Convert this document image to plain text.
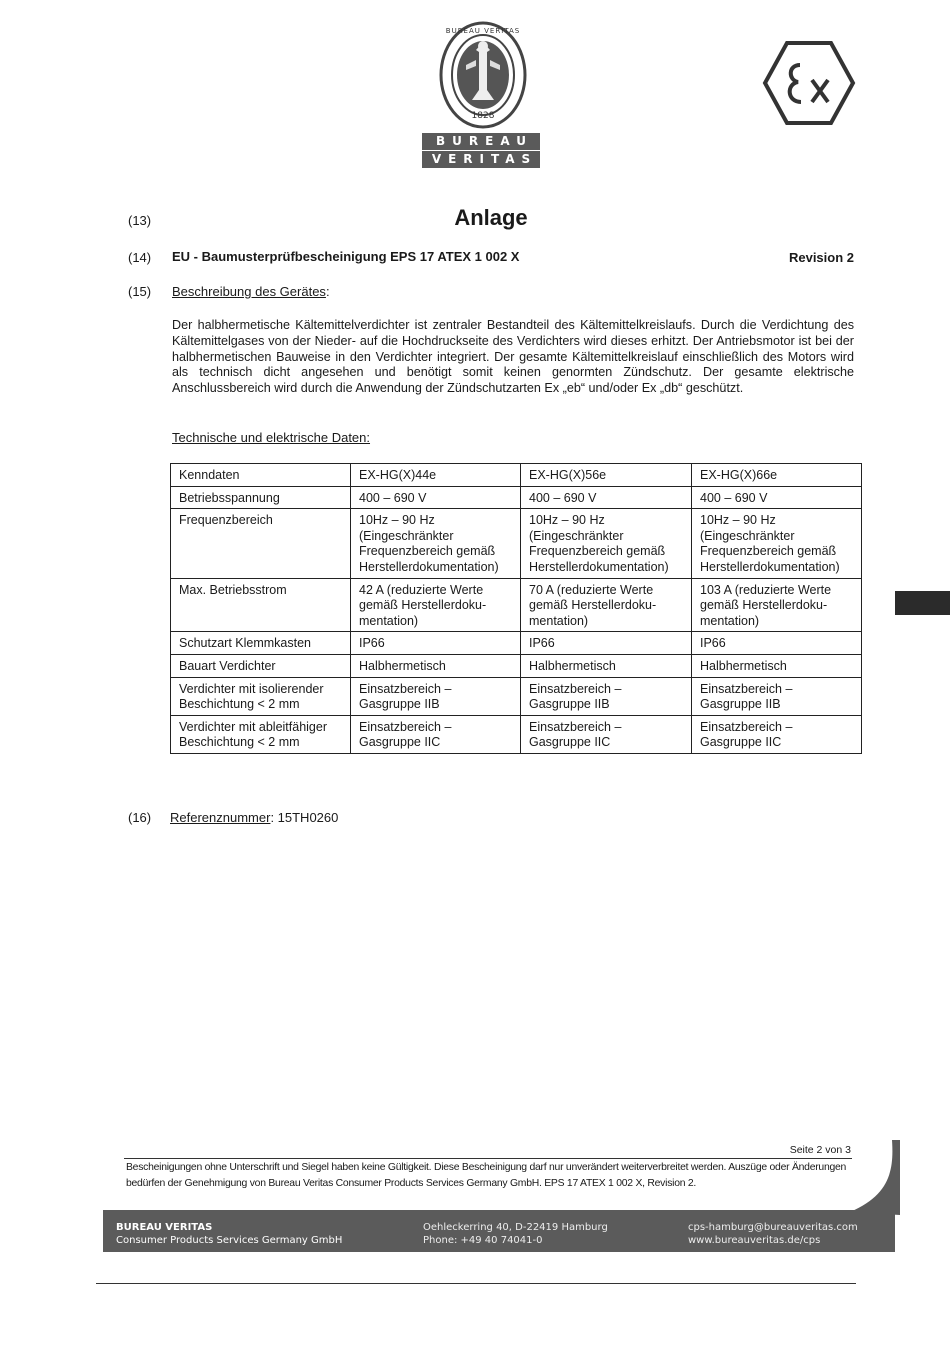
1828
BUREAU VERITAS
BUREAU
VERITAS
(13)	Anlage
(14) EU - Baumusterprüfbescheinigung EPS 17 ATEX 1 002 X	Revision 2
(15) Beschreibung des Gerätes:

Der halbhermetische Kältemittelverdichter ist zentraler Bestandteil des Kältemittelkreislaufs. Durch die Verdichtung des Kältemittelgases von der Nieder- auf die Hochdruckseite des Verdichters wird dieses erhitzt. Der Antriebsmotor ist bei der halbhermetischen Bauweise in den Verdichter integriert. Der gesamte Kältemittelkreislauf einschließlich des Motors wird als technisch dicht angesehen und benötigt somit keinen genormten Zündschutz. Der gesamte elektrische Anschlussbereich wird durch die Anwendung der Zündschutzarten Ex „eb“ und/oder Ex „db“ geschützt.

Technische und elektrische Daten:
Kenndaten	EX-HG(X)44e	EX-HG(X)56e	EX-HG(X)66e
Betriebsspannung	400 – 690 V	400 – 690 V	400 – 690 V
Frequenzbereich	10Hz – 90 Hz (Eingeschränkter Frequenzbereich gemäß Herstellerdokumentation)	10Hz – 90 Hz (Eingeschränkter Frequenzbereich gemäß Herstellerdokumentation)	10Hz – 90 Hz (Eingeschränkter Frequenzbereich gemäß Herstellerdokumentation)
Max. Betriebsstrom	42 A (reduzierte Werte gemäß Herstellerdoku-mentation)	70 A (reduzierte Werte gemäß Herstellerdoku-mentation)	103 A (reduzierte Werte gemäß Herstellerdoku-mentation)
Schutzart Klemmkasten	IP66	IP66	IP66
Bauart Verdichter	Halbhermetisch	Halbhermetisch	Halbhermetisch
Verdichter mit isolierender Beschichtung < 2 mm	Einsatzbereich – Gasgruppe IIB	Einsatzbereich – Gasgruppe IIB	Einsatzbereich – Gasgruppe IIB
Verdichter mit ableitfähiger Beschichtung < 2 mm	Einsatzbereich – Gasgruppe IIC	Einsatzbereich – Gasgruppe IIC	Einsatzbereich – Gasgruppe IIC
(16) Referenznummer: 15TH0260
Seite 2 von 3

Bescheinigungen ohne Unterschrift und Siegel haben keine Gültigkeit. Diese Bescheinigung darf nur unverändert weiterverbreitet werden. Auszüge oder Änderungen bedürfen der Genehmigung von Bureau Veritas Consumer Products Services Germany GmbH. EPS 17 ATEX 1 002 X, Revision 2.

BUREAU VERITAS
Consumer Products Services Germany GmbH
Oehleckerring 40, D-22419 Hamburg
Phone: +49 40 74041-0
cps-hamburg@bureauveritas.com
www.bureauveritas.de/cps
